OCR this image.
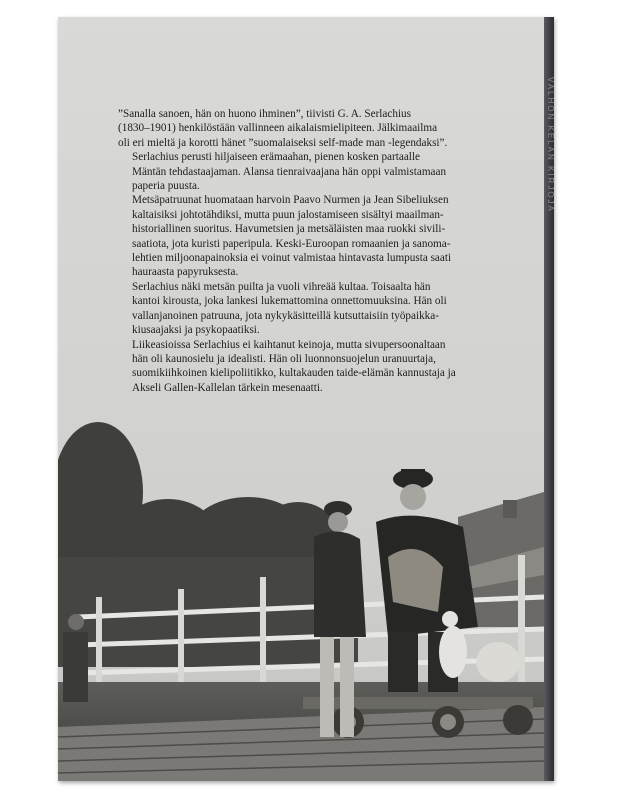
”Sanalla sanoen, hän on huono ihminen”, tiivisti G. A. Serlachius
(1830–1901) henkilöstään vallinneen aikalaismielipiteen. Jälkimaailma
oli eri mieltä ja korotti hänet ”suomalaiseksi self-made man -legendaksi”.

Serlachius perusti hiljaiseen erämaahan, pienen kosken partaalle
Mäntän tehdastaajaman. Alansa tienraivaajana hän oppi valmistamaan
paperia puusta.

Metsäpatruunat huomataan harvoin Paavo Nurmen ja Jean Sibeliuksen
kaltaisiksi johtotähdiksi, mutta puun jalostamiseen sisältyi maailman-
historiallinen suoritus. Havumetsien ja metsäläisten maa ruokki sivili-
saatiota, jota kuristi paperipula. Keski-Euroopan romaanien ja sanoma-
lehtien miljoonapainoksia ei voinut valmistaa hintavasta lumpusta saati
hauraasta papyruksesta.

Serlachius näki metsän puilta ja vuoli vihreää kultaa. Toisaalta hän
kantoi kirousta, joka lankesi lukemattomina onnettomuuksina. Hän oli
vallanjanoinen patruuna, jota nykykäsitteillä kutsuttaisiin työpaikka-
kiusaajaksi ja psykopaatiksi.

Liikeasioissa Serlachius ei kaihtanut keinoja, mutta sivupersoonaltaan
hän oli kaunosielu ja idealisti. Hän oli luonnonsuojelun uranuurtaja,
suomikiihkoinen kielipoliitikko, kultakauden taide-elämän kannustaja ja
Akseli Gallen-Kallelan tärkein mesenaatti.

VALHON KELAN KIRJOJA
